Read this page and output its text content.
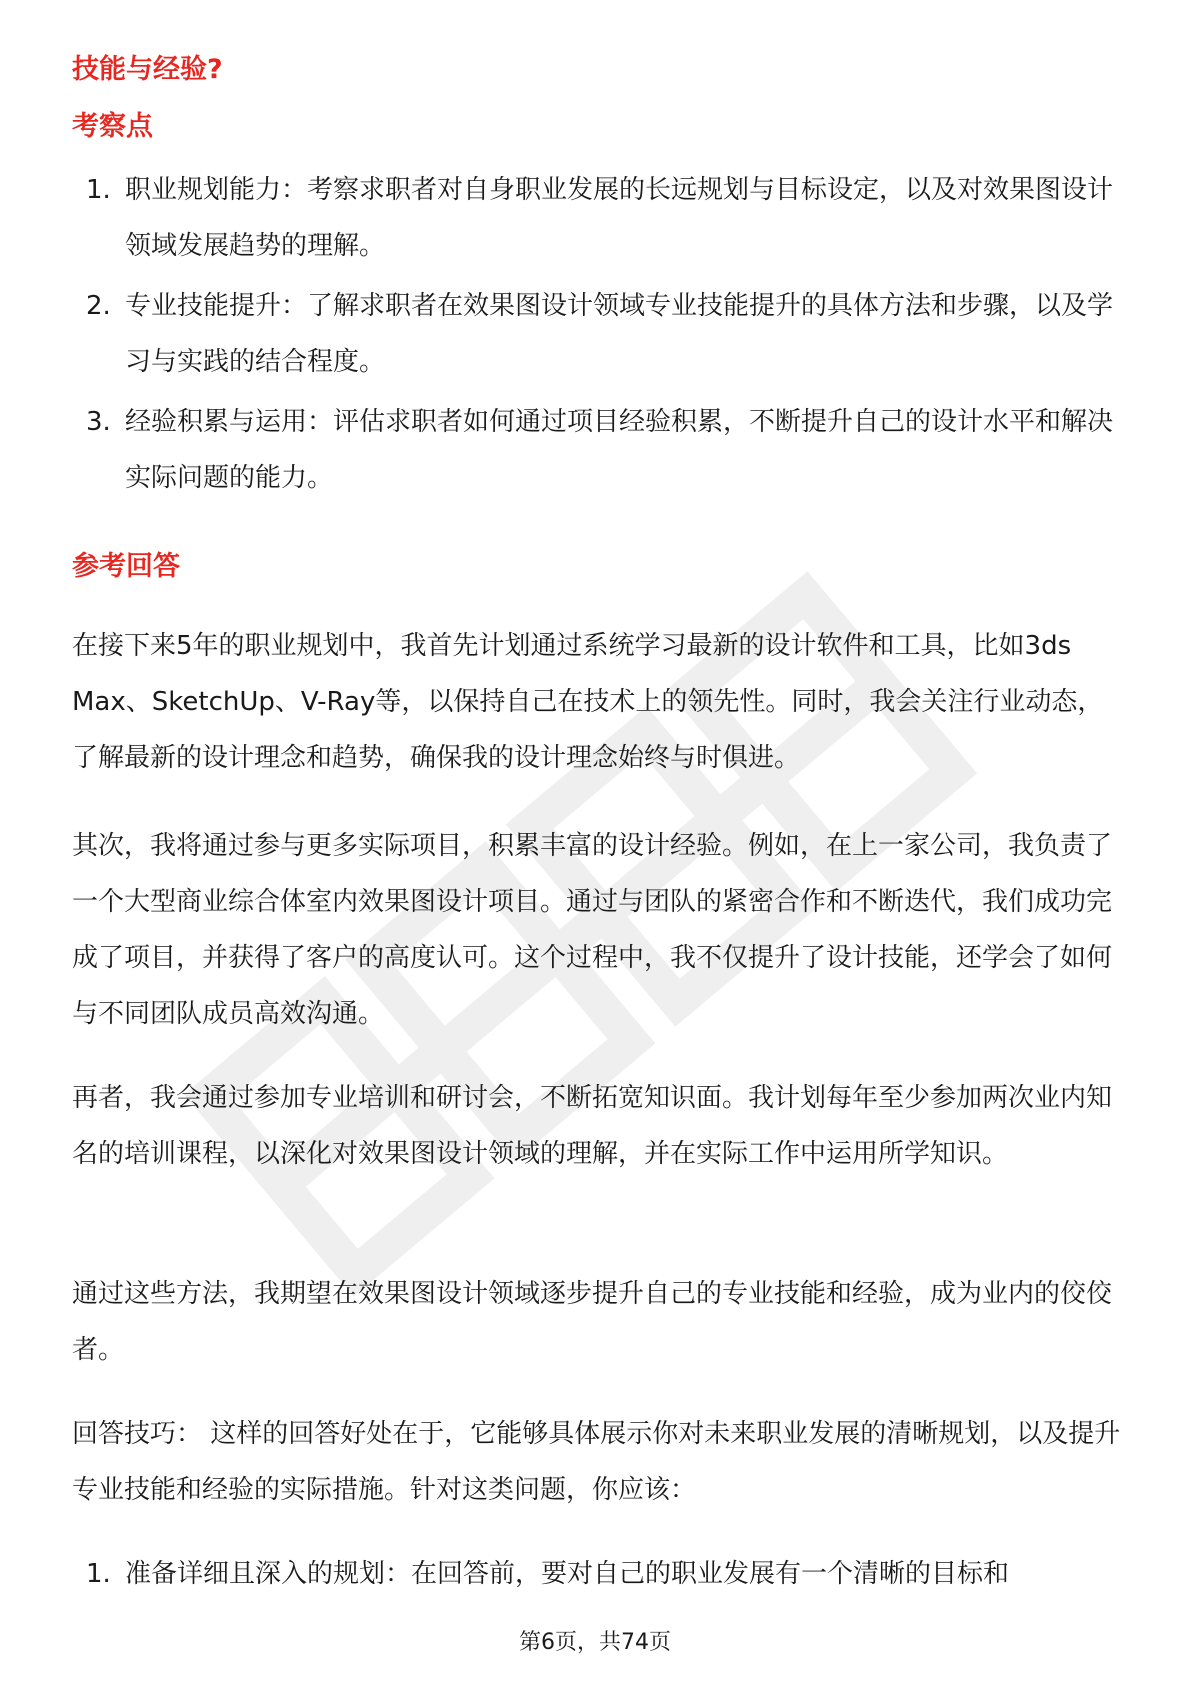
技能与经验?
考察点
1. 职业规划能力：考察求职者对自身职业发展的长远规划与目标设定，以及对效果图设计领域发展趋势的理解。
2. 专业技能提升：了解求职者在效果图设计领域专业技能提升的具体方法和步骤，以及学习与实践的结合程度。
3. 经验积累与运用：评估求职者如何通过项目经验积累，不断提升自己的设计水平和解决实际问题的能力。
参考回答

在接下来5年的职业规划中，我首先计划通过系统学习最新的设计软件和工具，比如3ds Max、SketchUp、V-Ray等，以保持自己在技术上的领先性。同时，我会关注行业动态，了解最新的设计理念和趋势，确保我的设计理念始终与时俱进。

其次，我将通过参与更多实际项目，积累丰富的设计经验。例如，在上一家公司，我负责了一个大型商业综合体室内效果图设计项目。通过与团队的紧密合作和不断迭代，我们成功完成了项目，并获得了客户的高度认可。这个过程中，我不仅提升了设计技能，还学会了如何与不同团队成员高效沟通。

再者，我会通过参加专业培训和研讨会，不断拓宽知识面。我计划每年至少参加两次业内知名的培训课程，以深化对效果图设计领域的理解，并在实际工作中运用所学知识。

通过这些方法，我期望在效果图设计领域逐步提升自己的专业技能和经验，成为业内的佼佼者。

回答技巧： 这样的回答好处在于，它能够具体展示你对未来职业发展的清晰规划，以及提升专业技能和经验的实际措施。针对这类问题，你应该：

1. 准备详细且深入的规划：在回答前，要对自己的职业发展有一个清晰的目标和
第6页，共74页
